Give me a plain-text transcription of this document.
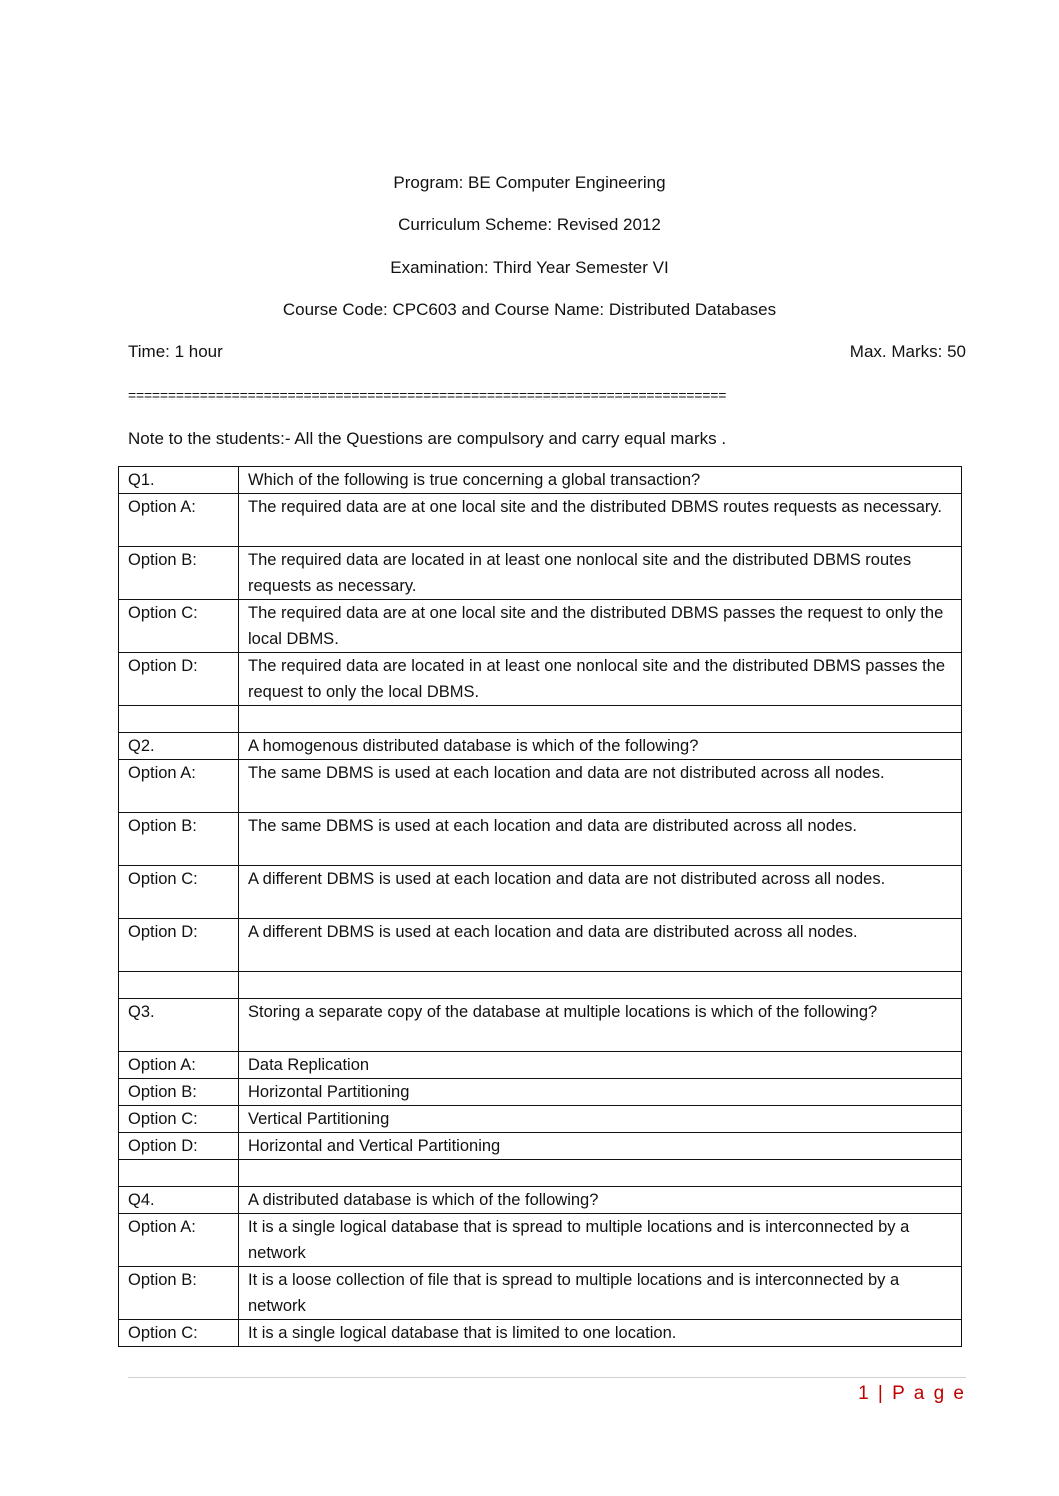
Program: BE Computer Engineering
Curriculum Scheme: Revised 2012
Examination: Third Year Semester VI
Course Code: CPC603 and Course Name: Distributed Databases
Time: 1 hour	Max. Marks: 50
===========================================================================
Note to the students:- All the Questions are compulsory and carry equal marks .
Q1.	Which of the following is true concerning a global transaction?
Option A:	The required data are at one local site and the distributed DBMS routes requests as necessary.
Option B:	The required data are located in at least one nonlocal site and the distributed DBMS routes requests as necessary.
Option C:	The required data are at one local site and the distributed DBMS passes the request to only the local DBMS.
Option D:	The required data are located in at least one nonlocal site and the distributed DBMS passes the request to only the local DBMS.

Q2.	A homogenous distributed database is which of the following?
Option A:	The same DBMS is used at each location and data are not distributed across all nodes.
Option B:	The same DBMS is used at each location and data are distributed across all nodes.
Option C:	A different DBMS is used at each location and data are not distributed across all nodes.
Option D:	A different DBMS is used at each location and data are distributed across all nodes.

Q3.	Storing a separate copy of the database at multiple locations is which of the following?
Option A:	Data Replication
Option B:	Horizontal Partitioning
Option C:	Vertical Partitioning
Option D:	Horizontal and Vertical Partitioning

Q4.	A distributed database is which of the following?
Option A:	It is a single logical database that is spread to multiple locations and is interconnected by a network
Option B:	It is a loose collection of file that is spread to multiple locations and is interconnected by a network
Option C:	It is a single logical database that is limited to one location.
1 | P a g e
